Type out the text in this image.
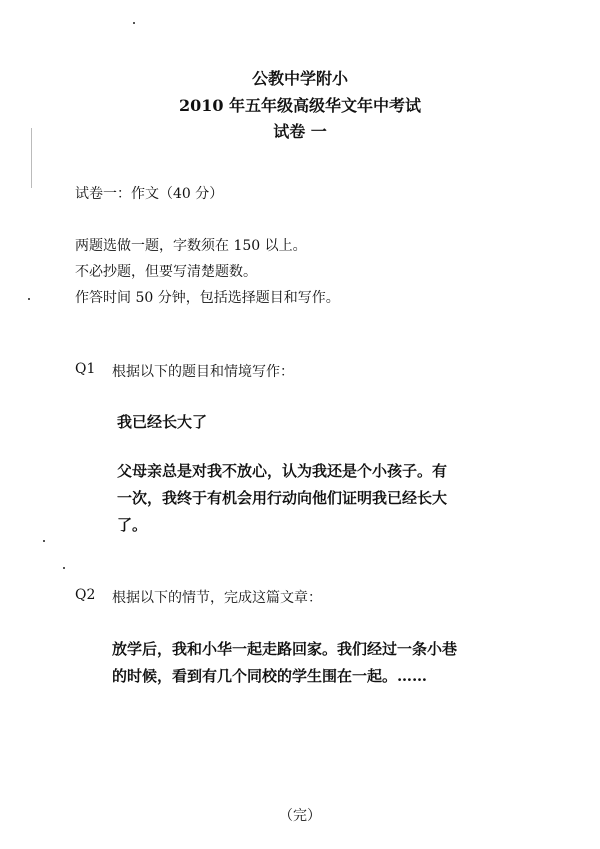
公教中学附小
2010 年五年级高级华文年中考试
试卷 一
试卷一：作文（40 分）
两题选做一题，字数须在 150 以上。
不必抄题，但要写清楚题数。
作答时间 50 分钟，包括选择题目和写作。
Q1 根据以下的题目和情境写作：
我已经长大了
父母亲总是对我不放心，认为我还是个小孩子。有
一次，我终于有机会用行动向他们证明我已经长大
了。
Q2 根据以下的情节，完成这篇文章：
放学后，我和小华一起走路回家。我们经过一条小巷
的时候，看到有几个同校的学生围在一起。……
（完）
